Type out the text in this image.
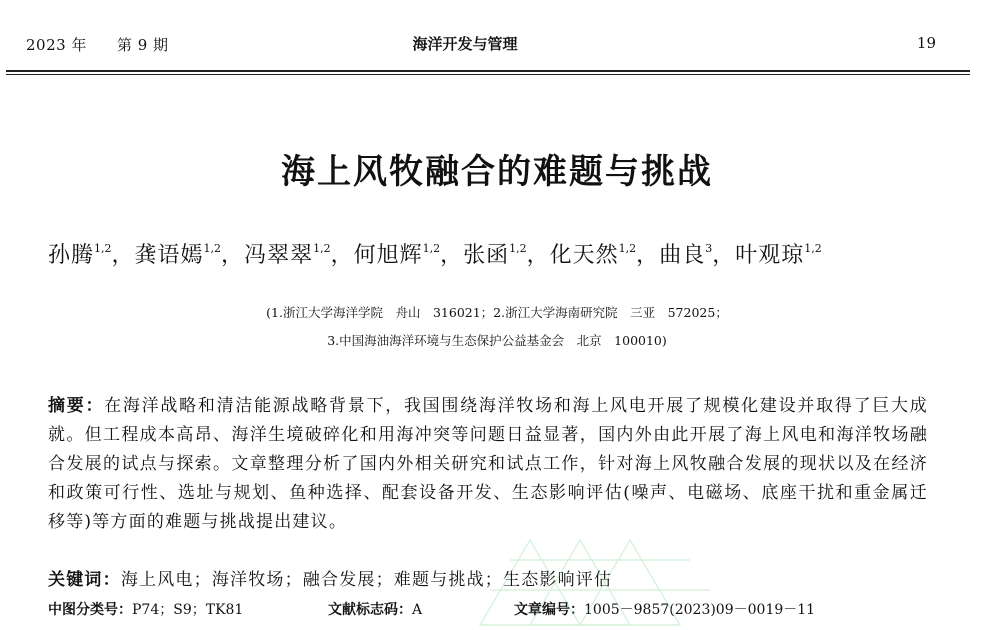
2023 年 第 9 期	海洋开发与管理	19
海上风牧融合的难题与挑战
孙腾$^{1,2}$，龚语嫣$^{1,2}$，冯翠翠$^{1,2}$，何旭辉$^{1,2}$，张函$^{1,2}$，化天然$^{1,2}$，曲良$^3$，叶观琼$^{1,2}$
(1.浙江大学海洋学院　舟山　316021；2.浙江大学海南研究院　三亚　572025；
3.中国海油海洋环境与生态保护公益基金会　北京　100010)
摘要：在海洋战略和清洁能源战略背景下，我国围绕海洋牧场和海上风电开展了规模化建设并取得了巨大成就。但工程成本高昂、海洋生境破碎化和用海冲突等问题日益显著，国内外由此开展了海上风电和海洋牧场融合发展的试点与探索。文章整理分析了国内外相关研究和试点工作，针对海上风牧融合发展的现状以及在经济和政策可行性、选址与规划、鱼种选择、配套设备开发、生态影响评估(噪声、电磁场、底座干扰和重金属迁移等)等方面的难题与挑战提出建议。
关键词：海上风电；海洋牧场；融合发展；难题与挑战；生态影响评估
中图分类号：P74；S9；TK81	文献标志码：A	文章编号：1005－9857(2023)09－0019－11
